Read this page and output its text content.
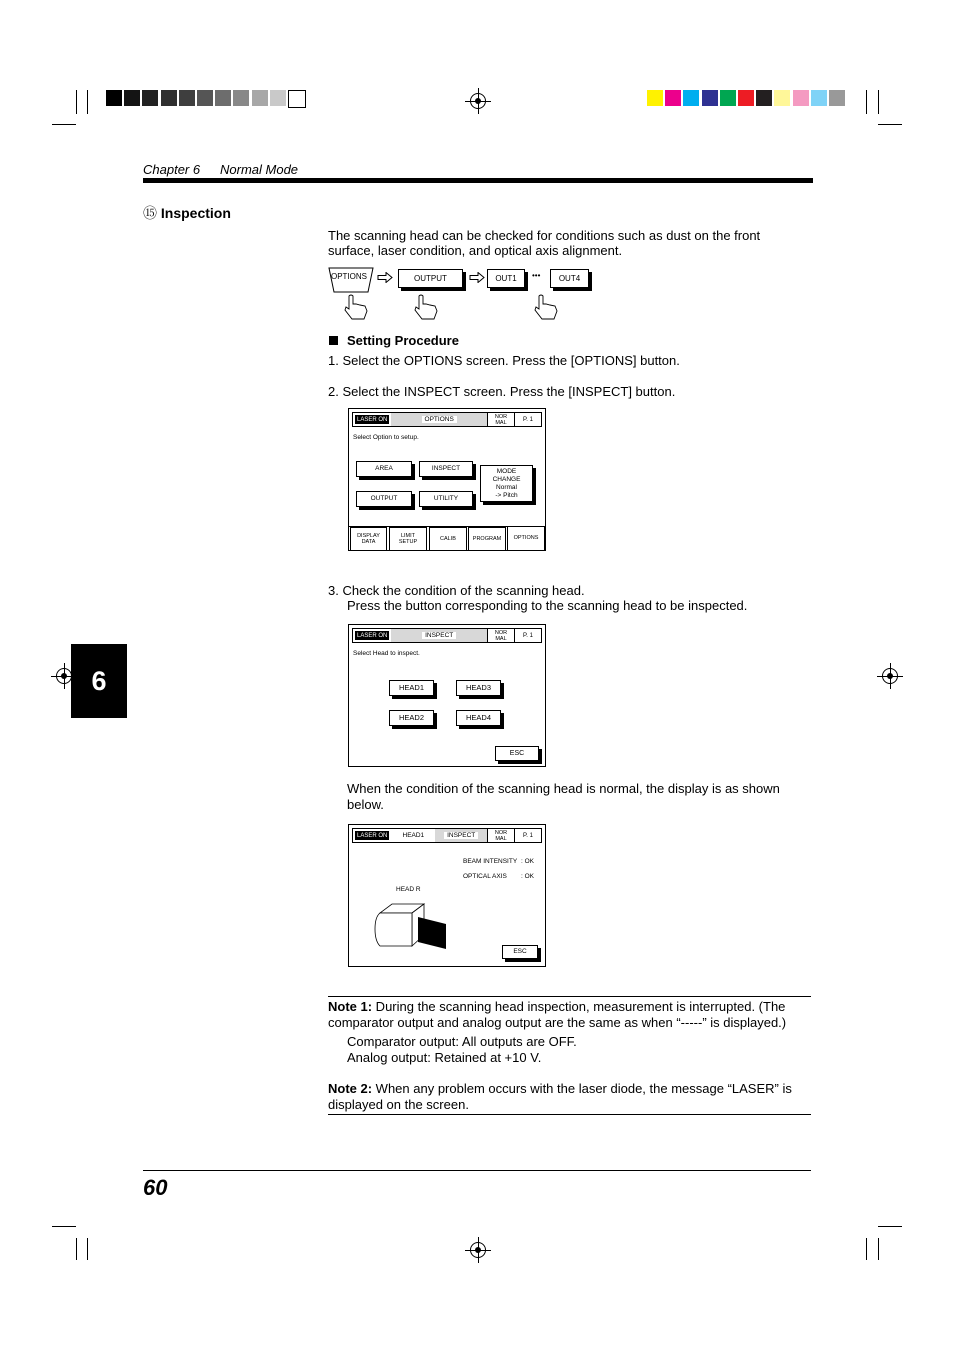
Chapter 6 Normal Mode
⑮ Inspection
The scanning head can be checked for conditions such as dust on the front
surface, laser condition, and optical axis alignment.
OPTIONS	OUTPUT	OUT1 ••• OUT4
Setting Procedure
1. Select the OPTIONS screen. Press the [OPTIONS] button.
2. Select the INSPECT screen. Press the [INSPECT] button.
LASER ON	OPTIONS	NOR
MAL	P. 1
Select Option to setup.
AREA	INSPECT
OUTPUT	UTILITY
MODE
CHANGE
Normal
-> Pitch
DISPLAY
DATA
LIMIT
SETUP
CALIB	PROGRAM OPTIONS
3. Check the condition of the scanning head.
Press the button corresponding to the scanning head to be inspected.
LASER ON	INSPECT	NOR
MAL	P. 1
Select Head to inspect.
HEAD1	HEAD3
HEAD2	HEAD4
ESC
When the condition of the scanning head is normal, the display is as shown
below.
LASER ON	HEAD1	INSPECT	NOR
MAL	P. 1
BEAM INTENSITY : OK
OPTICAL AXIS : OK
HEAD R
ESC
Note 1: During the scanning head inspection, measurement is interrupted. (The
comparator output and analog output are the same as when “-----” is displayed.)
Comparator output: All outputs are OFF.
Analog output: Retained at +10 V.
Note 2: When any problem occurs with the laser diode, the message “LASER” is
displayed on the screen.
6
60
